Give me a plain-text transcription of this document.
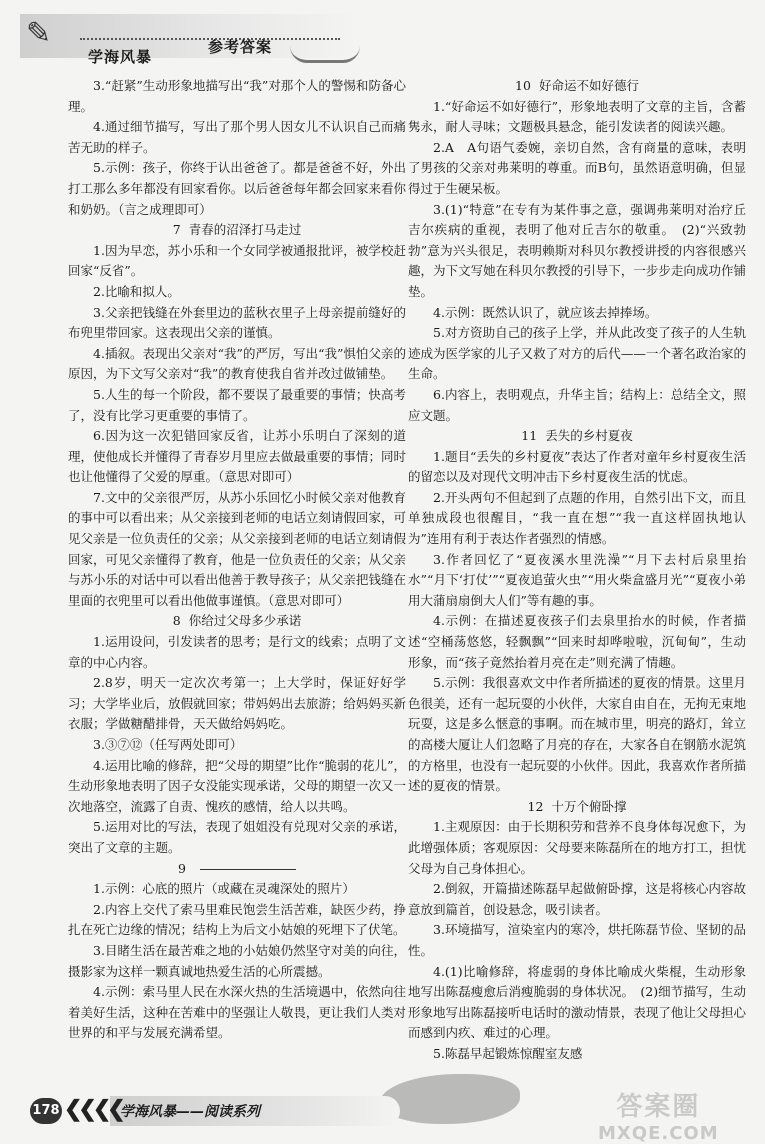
✎
学海风暴
参考答案

3.“赶紧”生动形象地描写出“我”对那个人的警惕和防备心理。

4.通过细节描写，写出了那个男人因女儿不认识自己而痛苦无助的样子。

5.示例：孩子，你终于认出爸爸了。都是爸爸不好，外出打工那么多年都没有回家看你。以后爸爸每年都会回家来看你和奶奶。（言之成理即可）

7 青春的沼泽打马走过

1.因为早恋，苏小乐和一个女同学被通报批评，被学校赶回家“反省”。

2.比喻和拟人。

3.父亲把钱缝在外套里边的蓝秋衣里子上母亲提前缝好的布兜里带回家。这表现出父亲的谨慎。

4.插叙。表现出父亲对“我”的严厉，写出“我”惧怕父亲的原因，为下文写父亲对“我”的教育使我自省并改过做铺垫。

5.人生的每一个阶段，都不要误了最重要的事情；快高考了，没有比学习更重要的事情了。

6.因为这一次犯错回家反省，让苏小乐明白了深刻的道理，使他成长并懂得了青春岁月里应去做最重要的事情；同时也让他懂得了父爱的厚重。（意思对即可）

7.文中的父亲很严厉，从苏小乐回忆小时候父亲对他教育的事中可以看出来；从父亲接到老师的电话立刻请假回家，可见父亲是一位负责任的父亲；从父亲接到老师的电话立刻请假回家，可见父亲懂得了教育，他是一位负责任的父亲；从父亲与苏小乐的对话中可以看出他善于教导孩子；从父亲把钱缝在里面的衣兜里可以看出他做事谨慎。（意思对即可）

8 你给过父母多少承诺

1.运用设问，引发读者的思考；是行文的线索；点明了文章的中心内容。

2.8岁，明天一定次次考第一；上大学时，保证好好学习；大学毕业后，放假就回家；带妈妈出去旅游；给妈妈买新衣服；学做糖醋排骨，天天做给妈妈吃。

3.③⑦⑫（任写两处即可）

4.运用比喻的修辞，把“父母的期望”比作“脆弱的花儿”，生动形象地表明了因子女没能实现承诺，父母的期望一次又一次地落空，流露了自责、愧疚的感情，给人以共鸣。

5.运用对比的写法，表现了姐姐没有兑现对父亲的承诺，突出了文章的主题。

9

1.示例：心底的照片（或藏在灵魂深处的照片）

2.内容上交代了索马里难民饱尝生活苦难，缺医少药，挣扎在死亡边缘的情况；结构上为后文小姑娘的死埋下了伏笔。

3.目睹生活在最苦难之地的小姑娘仍然坚守对美的向往，摄影家为这样一颗真诚地热爱生活的心所震撼。

4.示例：索马里人民在水深火热的生活境遇中，依然向往着美好生活，这种在苦难中的坚强让人敬畏，更让我们人类对世界的和平与发展充满希望。

10 好命运不如好德行

1.“好命运不如好德行”，形象地表明了文章的主旨，含蓄隽永，耐人寻味；文题极具悬念，能引发读者的阅读兴趣。

2.A　A句语气委婉，亲切自然，含有商量的意味，表明了男孩的父亲对弗莱明的尊重。而B句，虽然语意明确，但显得过于生硬呆板。

3.(1)“特意”在专有为某件事之意，强调弗莱明对治疗丘吉尔疾病的重视，表明了他对丘吉尔的敬重。　(2)“兴致勃勃”意为兴头很足，表明赖斯对科贝尔教授讲授的内容很感兴趣，为下文写她在科贝尔教授的引导下，一步步走向成功作铺垫。

4.示例：既然认识了，就应该去掉捧场。

5.对方资助自己的孩子上学，并从此改变了孩子的人生轨迹成为医学家的儿子又救了对方的后代——一个著名政治家的生命。

6.内容上，表明观点，升华主旨；结构上：总结全文，照应文题。

11 丢失的乡村夏夜

1.题目“丢失的乡村夏夜”表达了作者对童年乡村夏夜生活的留恋以及对现代文明冲击下乡村夏夜生活的忧虑。

2.开头两句不但起到了点题的作用，自然引出下文，而且单独成段也很醒目，“我一直在想”“我一直这样固执地认为”连用有利于表达作者强烈的情感。

3.作者回忆了“夏夜溪水里洗澡”“月下去村后泉里抬水”“月下‘打仗’”“夏夜追萤火虫”“用火柴盒盛月光”“夏夜小弟用大蒲扇扇倒大人们”等有趣的事。

4.示例：在描述夏夜孩子们去泉里抬水的时候，作者描述“空桶荡悠悠，轻飘飘”“回来时却哗啦啦，沉甸甸”，生动形象，而“孩子竟然抬着月亮在走”则充满了情趣。

5.示例：我很喜欢文中作者所描述的夏夜的情景。这里月色很美，还有一起玩耍的小伙伴，大家自由自在，无拘无束地玩耍，这是多么惬意的事啊。而在城市里，明亮的路灯，耸立的高楼大厦让人们忽略了月亮的存在，大家各自在钢筋水泥筑的方格里，也没有一起玩耍的小伙伴。因此，我喜欢作者所描述的夏夜的情景。

12 十万个俯卧撑

1.主观原因：由于长期积劳和营养不良身体每况愈下，为此增强体质；客观原因：父母要来陈磊所在的地方打工，担忧父母为自己身体担心。

2.倒叙，开篇描述陈磊早起做俯卧撑，这是将核心内容故意放到篇首，创设悬念，吸引读者。

3.环境描写，渲染室内的寒冷，烘托陈磊节俭、坚韧的品性。

4.(1)比喻修辞，将虚弱的身体比喻成火柴棍，生动形象地写出陈磊瘦愈后消瘦脆弱的身体状况。　(2)细节描写，生动形象地写出陈磊接听电话时的激动情景，表现了他让父母担心而感到内疚、难过的心理。

5.陈磊早起锻炼惊醒室友感

178 ❮❮❮❮
学海风暴——阅读系列	答案圈
MXQE.COM
